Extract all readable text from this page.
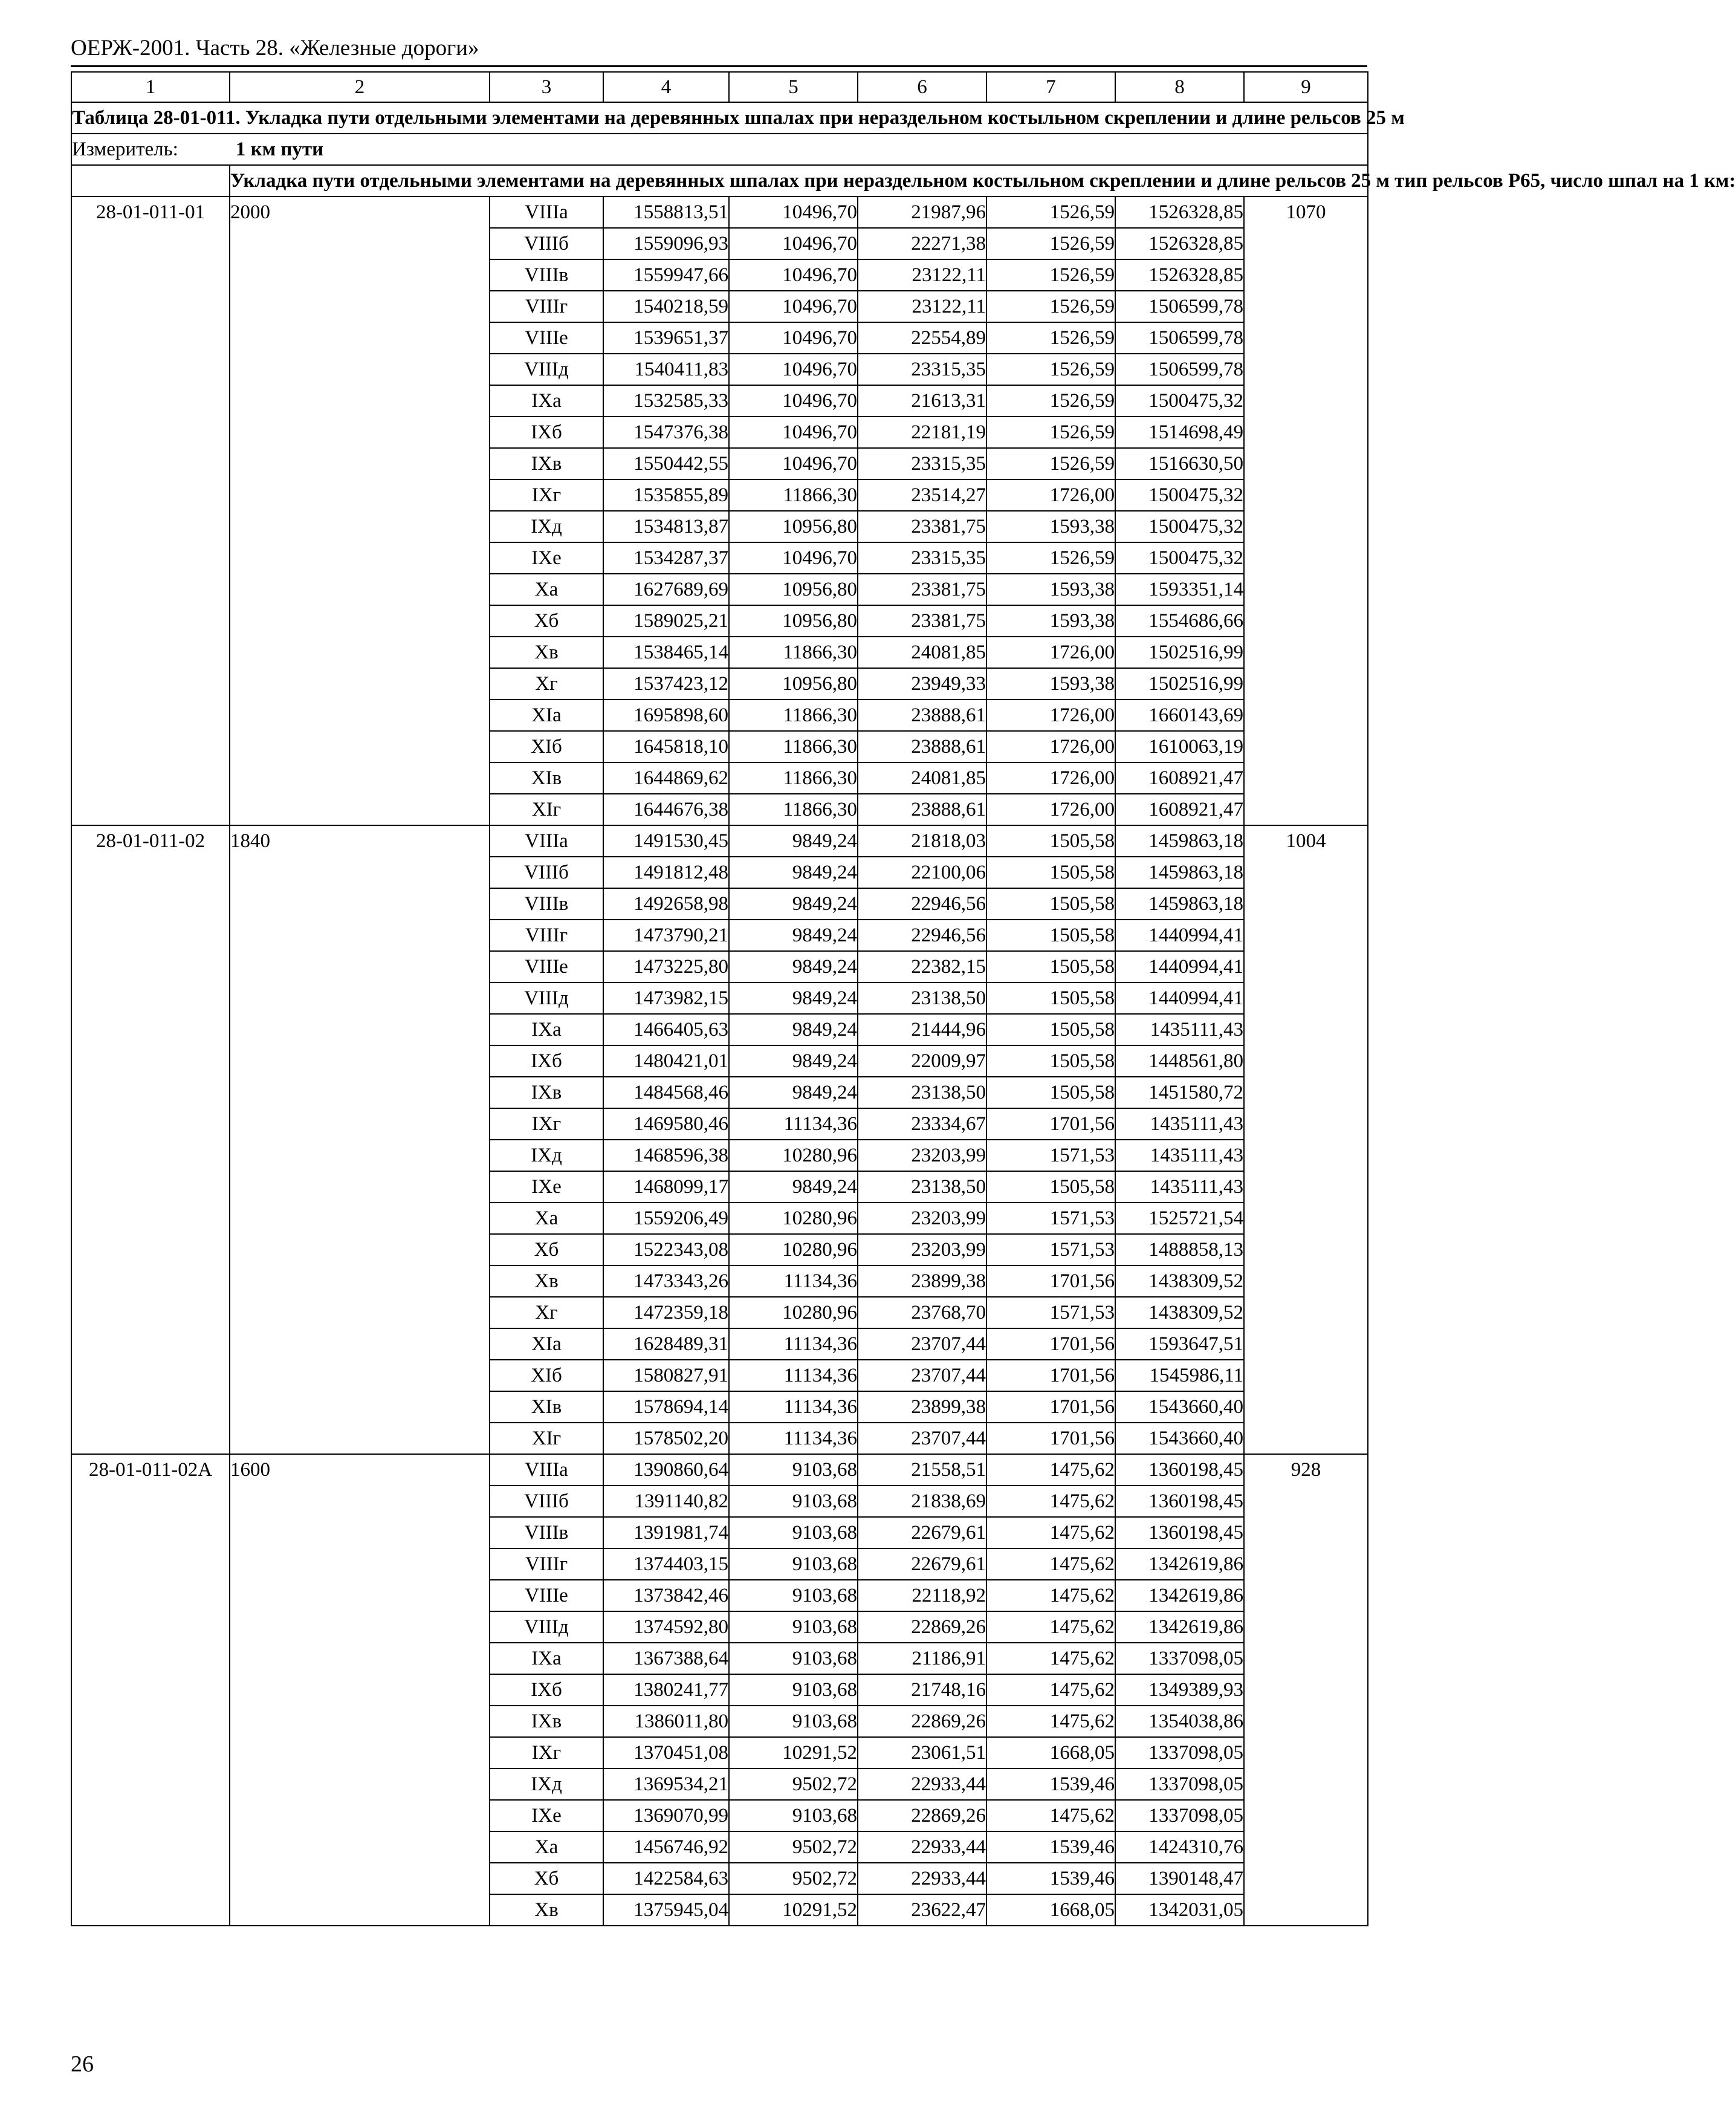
ОЕРЖ-2001. Часть 28. «Железные дороги»
1	2	3	4	5	6	7	8	9
Таблица 28-01-011. Укладка пути отдельными элементами на деревянных шпалах при нераздельном костыльном скреплении и длине рельсов 25 м								
Измеритель: 1 км пути								
	Укладка пути отдельными элементами на деревянных шпалах при нераздельном костыльном скреплении и длине рельсов 25 м тип рельсов Р65, число шпал на 1 км:							
28-01-011-01	2000	VIIIа	1558813,51	10496,70	21987,96	1526,59	1526328,85	1070
		VIIIб	1559096,93	10496,70	22271,38	1526,59	1526328,85	
		VIIIв	1559947,66	10496,70	23122,11	1526,59	1526328,85	
		VIIIг	1540218,59	10496,70	23122,11	1526,59	1506599,78	
		VIIIе	1539651,37	10496,70	22554,89	1526,59	1506599,78	
		VIIIд	1540411,83	10496,70	23315,35	1526,59	1506599,78	
		IXа	1532585,33	10496,70	21613,31	1526,59	1500475,32	
		IXб	1547376,38	10496,70	22181,19	1526,59	1514698,49	
		IXв	1550442,55	10496,70	23315,35	1526,59	1516630,50	
		IXг	1535855,89	11866,30	23514,27	1726,00	1500475,32	
		IXд	1534813,87	10956,80	23381,75	1593,38	1500475,32	
		IXе	1534287,37	10496,70	23315,35	1526,59	1500475,32	
		Xа	1627689,69	10956,80	23381,75	1593,38	1593351,14	
		Xб	1589025,21	10956,80	23381,75	1593,38	1554686,66	
		Xв	1538465,14	11866,30	24081,85	1726,00	1502516,99	
		Xг	1537423,12	10956,80	23949,33	1593,38	1502516,99	
		XIа	1695898,60	11866,30	23888,61	1726,00	1660143,69	
		XIб	1645818,10	11866,30	23888,61	1726,00	1610063,19	
		XIв	1644869,62	11866,30	24081,85	1726,00	1608921,47	
		XIг	1644676,38	11866,30	23888,61	1726,00	1608921,47	
28-01-011-02	1840	VIIIа	1491530,45	9849,24	21818,03	1505,58	1459863,18	1004
		VIIIб	1491812,48	9849,24	22100,06	1505,58	1459863,18	
		VIIIв	1492658,98	9849,24	22946,56	1505,58	1459863,18	
		VIIIг	1473790,21	9849,24	22946,56	1505,58	1440994,41	
		VIIIе	1473225,80	9849,24	22382,15	1505,58	1440994,41	
		VIIIд	1473982,15	9849,24	23138,50	1505,58	1440994,41	
		IXа	1466405,63	9849,24	21444,96	1505,58	1435111,43	
		IXб	1480421,01	9849,24	22009,97	1505,58	1448561,80	
		IXв	1484568,46	9849,24	23138,50	1505,58	1451580,72	
		IXг	1469580,46	11134,36	23334,67	1701,56	1435111,43	
		IXд	1468596,38	10280,96	23203,99	1571,53	1435111,43	
		IXе	1468099,17	9849,24	23138,50	1505,58	1435111,43	
		Xа	1559206,49	10280,96	23203,99	1571,53	1525721,54	
		Xб	1522343,08	10280,96	23203,99	1571,53	1488858,13	
		Xв	1473343,26	11134,36	23899,38	1701,56	1438309,52	
		Xг	1472359,18	10280,96	23768,70	1571,53	1438309,52	
		XIа	1628489,31	11134,36	23707,44	1701,56	1593647,51	
		XIб	1580827,91	11134,36	23707,44	1701,56	1545986,11	
		XIв	1578694,14	11134,36	23899,38	1701,56	1543660,40	
		XIг	1578502,20	11134,36	23707,44	1701,56	1543660,40	
28-01-011-02А	1600	VIIIа	1390860,64	9103,68	21558,51	1475,62	1360198,45	928
		VIIIб	1391140,82	9103,68	21838,69	1475,62	1360198,45	
		VIIIв	1391981,74	9103,68	22679,61	1475,62	1360198,45	
		VIIIг	1374403,15	9103,68	22679,61	1475,62	1342619,86	
		VIIIе	1373842,46	9103,68	22118,92	1475,62	1342619,86	
		VIIIд	1374592,80	9103,68	22869,26	1475,62	1342619,86	
		IXа	1367388,64	9103,68	21186,91	1475,62	1337098,05	
		IXб	1380241,77	9103,68	21748,16	1475,62	1349389,93	
		IXв	1386011,80	9103,68	22869,26	1475,62	1354038,86	
		IXг	1370451,08	10291,52	23061,51	1668,05	1337098,05	
		IXд	1369534,21	9502,72	22933,44	1539,46	1337098,05	
		IXе	1369070,99	9103,68	22869,26	1475,62	1337098,05	
		Xа	1456746,92	9502,72	22933,44	1539,46	1424310,76	
		Xб	1422584,63	9502,72	22933,44	1539,46	1390148,47	
		Xв	1375945,04	10291,52	23622,47	1668,05	1342031,05	
26
